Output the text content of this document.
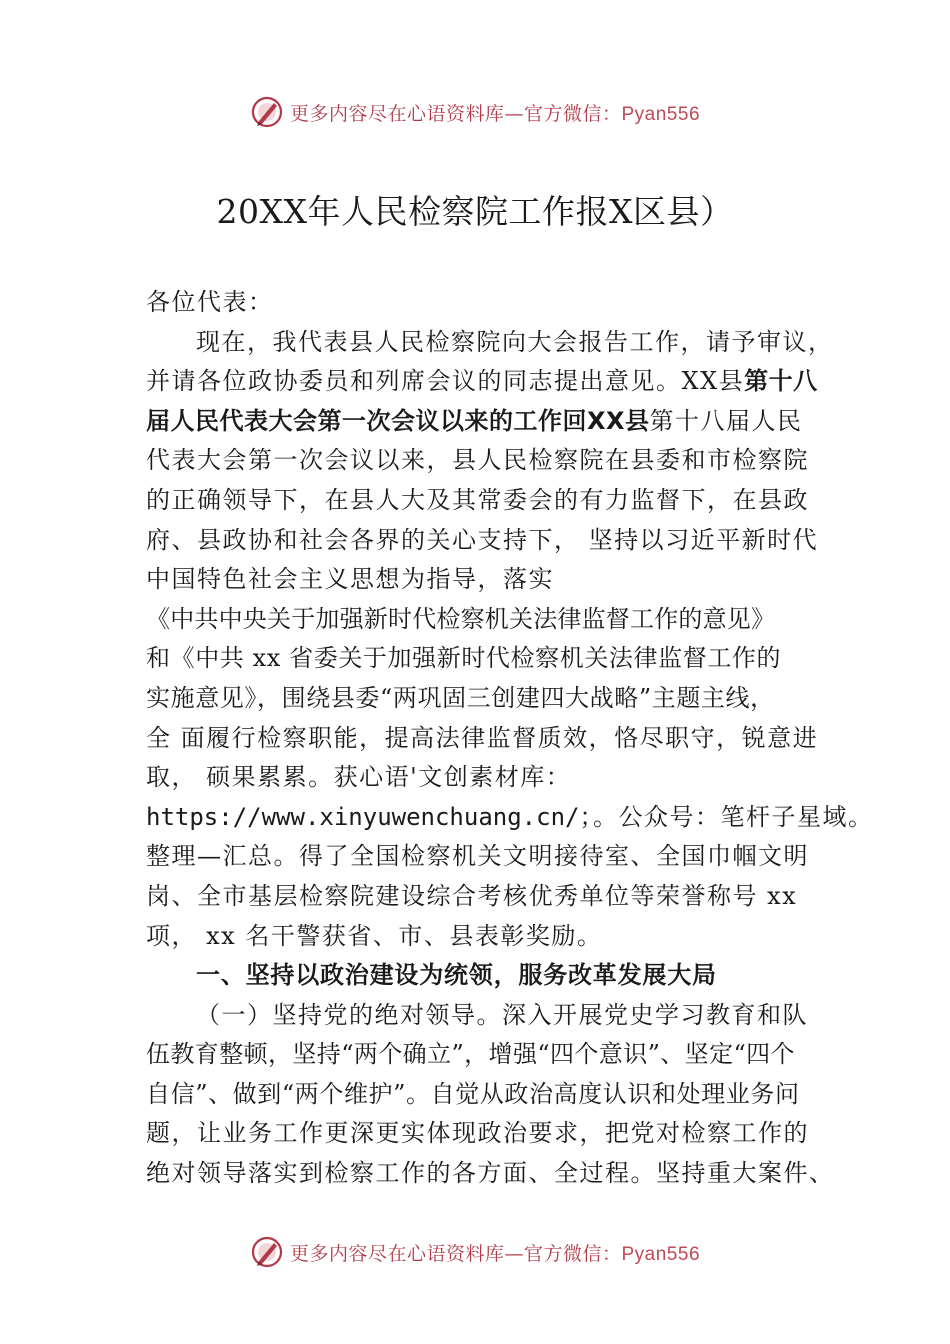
更多内容尽在心语资料库—官方微信：Pyan556
20XX年人民检察院工作报X区县）
各位代表：
现在，我代表县人民检察院向大会报告工作，请予审议，
并请各位政协委员和列席会议的同志提出意见。XX县第十八
届人民代表大会第一次会议以来的工作回XX县第十八届人民
代表大会第一次会议以来，县人民检察院在县委和市检察院
的正确领导下，在县人大及其常委会的有力监督下，在县政
府、县政协和社会各界的关心支持下， 坚持以习近平新时代
中国特色社会主义思想为指导，落实
《中共中央关于加强新时代检察机关法律监督工作的意见》
和《中共 xx 省委关于加强新时代检察机关法律监督工作的
实施意见》，围绕县委“两巩固三创建四大战略”主题主线，
全 面履行检察职能，提高法律监督质效，恪尽职守，锐意进
取， 硕果累累。获心语'文创素材库：
https://www.xinyuwenchuang.cn/；。公众号：笔杆子星域。
整理—汇总。得了全国检察机关文明接待室、全国巾帼文明
岗、全市基层检察院建设综合考核优秀单位等荣誉称号 xx
项， xx 名干警获省、市、县表彰奖励。
一、坚持以政治建设为统领，服务改革发展大局
（一）坚持党的绝对领导。深入开展党史学习教育和队
伍教育整顿，坚持“两个确立”，增强“四个意识”、坚定“四个
自信”、做到“两个维护”。自觉从政治高度认识和处理业务问
题，让业务工作更深更实体现政治要求，把党对检察工作的
绝对领导落实到检察工作的各方面、全过程。坚持重大案件、
更多内容尽在心语资料库—官方微信：Pyan556
